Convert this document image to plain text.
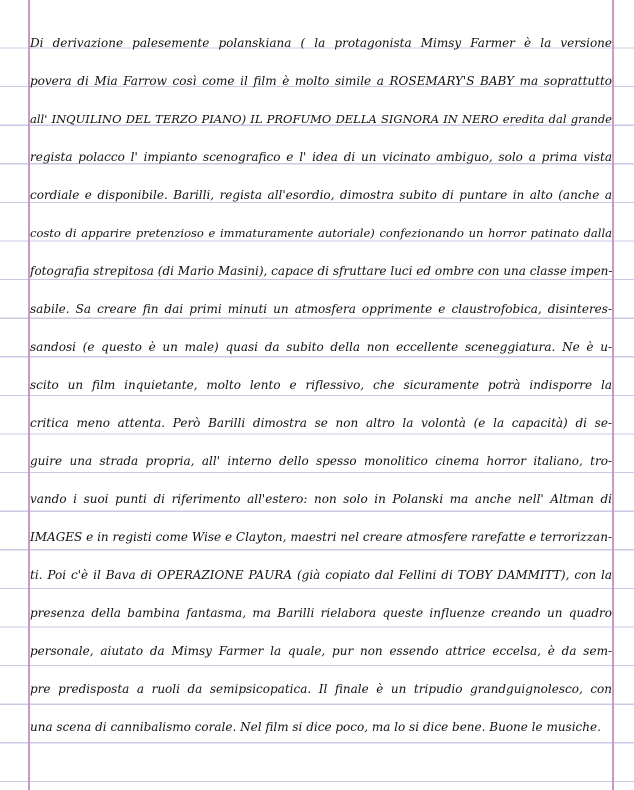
Di derivazione palesemente polanskiana ( la protagonista Mimsy Farmer è la versione
povera di Mia Farrow così come il film è molto simile a ROSEMARY'S BABY ma soprattutto
all' INQUILINO DEL TERZO PIANO) IL PROFUMO DELLA SIGNORA IN NERO eredita dal grande
regista polacco l' impianto scenografico e l' idea di un vicinato ambiguo, solo a prima vista
cordiale e disponibile. Barilli, regista all'esordio, dimostra subito di puntare in alto (anche a
costo di apparire pretenzioso e immaturamente autoriale) confezionando un horror patinato dalla
fotografia strepitosa (di Mario Masini), capace di sfruttare luci ed ombre con una classe impen-
sabile. Sa creare fin dai primi minuti un atmosfera opprimente e claustrofobica, disinteres-
sandosi (e questo è un male) quasi da subito della non eccellente sceneggiatura. Ne è u-
scito un film inquietante, molto lento e riflessivo, che sicuramente potrà indisporre la
critica meno attenta. Però Barilli dimostra se non altro la volontà (e la capacità) di se-
guire una strada propria, all' interno dello spesso monolitico cinema horror italiano, tro-
vando i suoi punti di riferimento all'estero: non solo in Polanski ma anche nell' Altman di
IMAGES e in registi come Wise e Clayton, maestri nel creare atmosfere rarefatte e terrorizzan-
ti. Poi c'è il Bava di OPERAZIONE PAURA (già copiato dal Fellini di TOBY DAMMITT), con la
presenza della bambina fantasma, ma Barilli rielabora queste influenze creando un quadro
personale, aiutato da Mimsy Farmer la quale, pur non essendo attrice eccelsa, è da sem-
pre predisposta a ruoli da semipsicopatica. Il finale è un tripudio grandguignolesco, con
una scena di cannibalismo corale. Nel film si dice poco, ma lo si dice bene. Buone le musiche.
